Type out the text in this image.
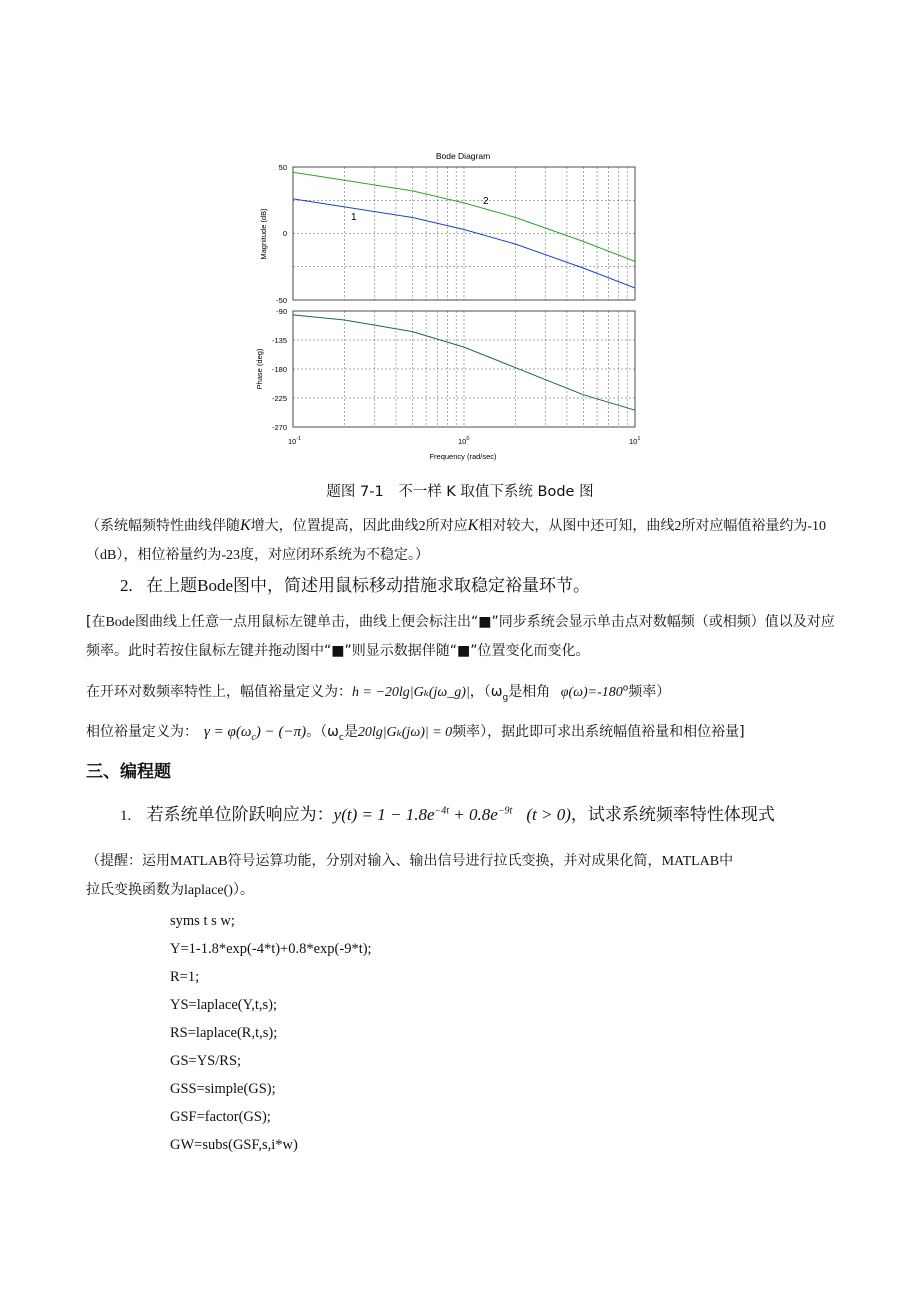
Bode Diagram
50
0
-50
Magnitude (dB)	1
2
-90
-135
-180
-225
-270
Phase (deg)
$10^{-1}$	$10^0$	$10^1$
Frequency (rad/sec)
题图 7-1　不一样 K 取值下系统 Bode 图
（系统幅频特性曲线伴随K增大，位置提高，因此曲线2所对应K相对较大，从图中还可知，曲线2所对应幅值裕量约为-10（dB），相位裕量约为-23度，对应闭环系统为不稳定。）
2. 在上题Bode图中，简述用鼠标移动措施求取稳定裕量环节。
[在Bode图曲线上任意一点用鼠标左键单击，曲线上便会标注出“■”同步系统会显示单击点对数幅频（或相频）值以及对应频率。此时若按住鼠标左键并拖动图中“■”则显示数据伴随“■”位置变化而变化。
在开环对数频率特性上，幅值裕量定义为：h = −20lg|Gₖ(jω_g)|，（$\omega_g$是相角 $\varphi(\omega)=-180^o$频率）
相位裕量定义为： $\gamma = \varphi(\omega_c) - (-\pi)$。（$\omega_c$是20lg|Gₖ(jω)| = 0频率），据此即可求出系统幅值裕量和相位裕量]
三、编程题
1. 若系统单位阶跃响应为：$y(t) = 1 - 1.8e^{-4t} + 0.8e^{-9t}$ (t > 0)，试求系统频率特性体现式
（提醒：运用MATLAB符号运算功能，分别对输入、输出信号进行拉氏变换，并对成果化简，MATLAB中
拉氏变换函数为laplace()）。
syms t s w;
Y=1-1.8*exp(-4*t)+0.8*exp(-9*t);
R=1;
YS=laplace(Y,t,s);
RS=laplace(R,t,s);
GS=YS/RS;
GSS=simple(GS);
GSF=factor(GS);
GW=subs(GSF,s,i*w)
